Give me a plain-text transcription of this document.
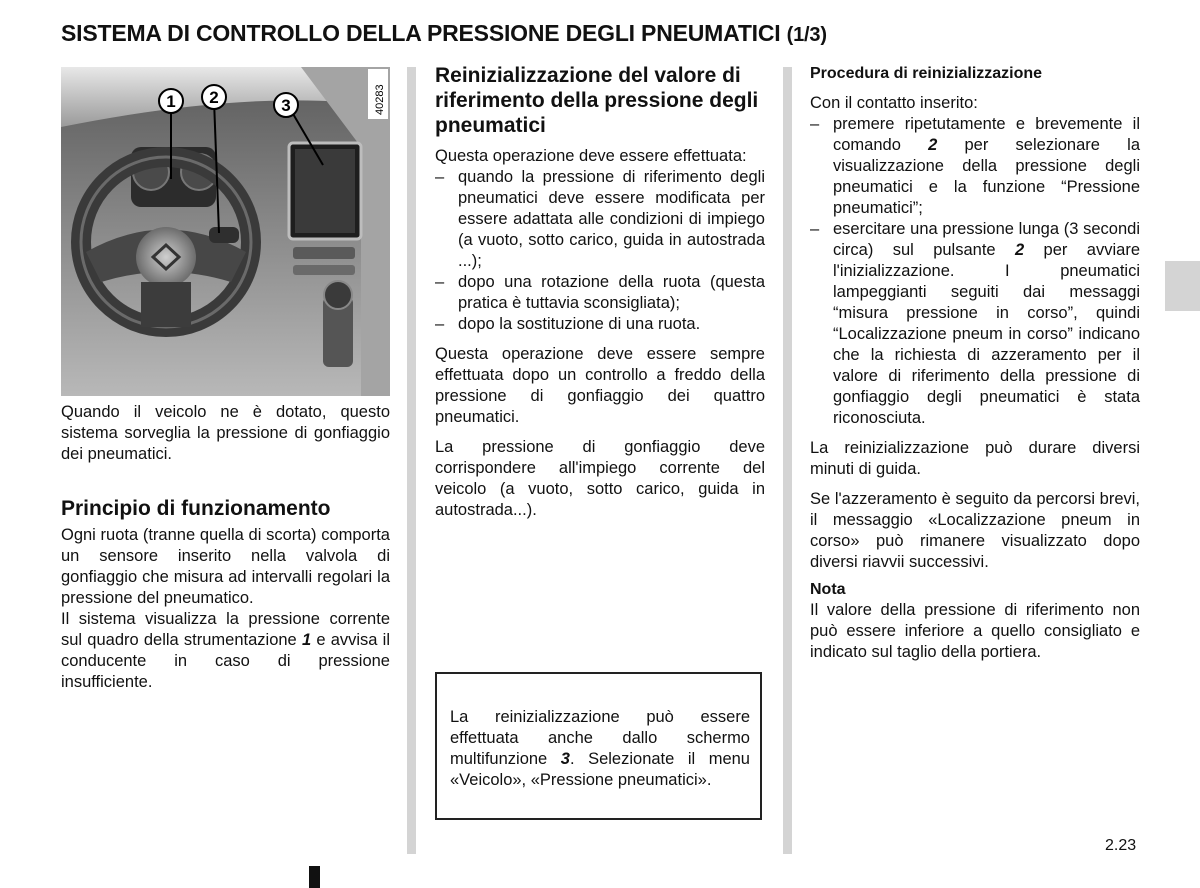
SISTEMA DI CONTROLLO DELLA PRESSIONE DEGLI PNEUMATICI (1/3)
1 2	3	40283

Quando il veicolo ne è dotato, questo sistema sorveglia la pressione di gonfiaggio dei pneumatici.

Principio di funzionamento

Ogni ruota (tranne quella di scorta) comporta un sensore inserito nella valvola di gonfiaggio che misura ad intervalli regolari la pressione del pneumatico.

Il sistema visualizza la pressione corrente sul quadro della strumentazione 1 e avvisa il conducente in caso di pressione insufficiente.

Reinizializzazione del valore di riferimento della pressione degli pneumatici

Questa operazione deve essere effettuata:

– quando la pressione di riferimento degli pneumatici deve essere modificata per essere adattata alle condizioni di impiego (a vuoto, sotto carico, guida in autostrada ...);
– dopo una rotazione della ruota (questa pratica è tuttavia sconsigliata);
– dopo la sostituzione di una ruota.

Questa operazione deve essere sempre effettuata dopo un controllo a freddo della pressione di gonfiaggio dei quattro pneumatici.

La pressione di gonfiaggio deve corrispondere all'impiego corrente del veicolo (a vuoto, sotto carico, guida in autostrada...).

La reinizializzazione può essere effettuata anche dallo schermo multifunzione 3. Selezionate il menu «Veicolo», «Pressione pneumatici».

Procedura di reinizializzazione

Con il contatto inserito:

– premere ripetutamente e brevemente il comando 2 per selezionare la visualizzazione della pressione degli pneumatici e la funzione “Pressione pneumatici”;
– esercitare una pressione lunga (3 secondi circa) sul pulsante 2 per avviare l'inizializzazione. I pneumatici lampeggianti seguiti dai messaggi “misura pressione in corso”, quindi “Localizzazione pneum in corso” indicano che la richiesta di azzeramento per il valore di riferimento della pressione di gonfiaggio degli pneumatici è stata riconosciuta.

La reinizializzazione può durare diversi minuti di guida.

Se l'azzeramento è seguito da percorsi brevi, il messaggio «Localizzazione pneum in corso» può rimanere visualizzato dopo diversi riavvii successivi.

Nota

Il valore della pressione di riferimento non può essere inferiore a quello consigliato e indicato sul taglio della portiera.

2.23
